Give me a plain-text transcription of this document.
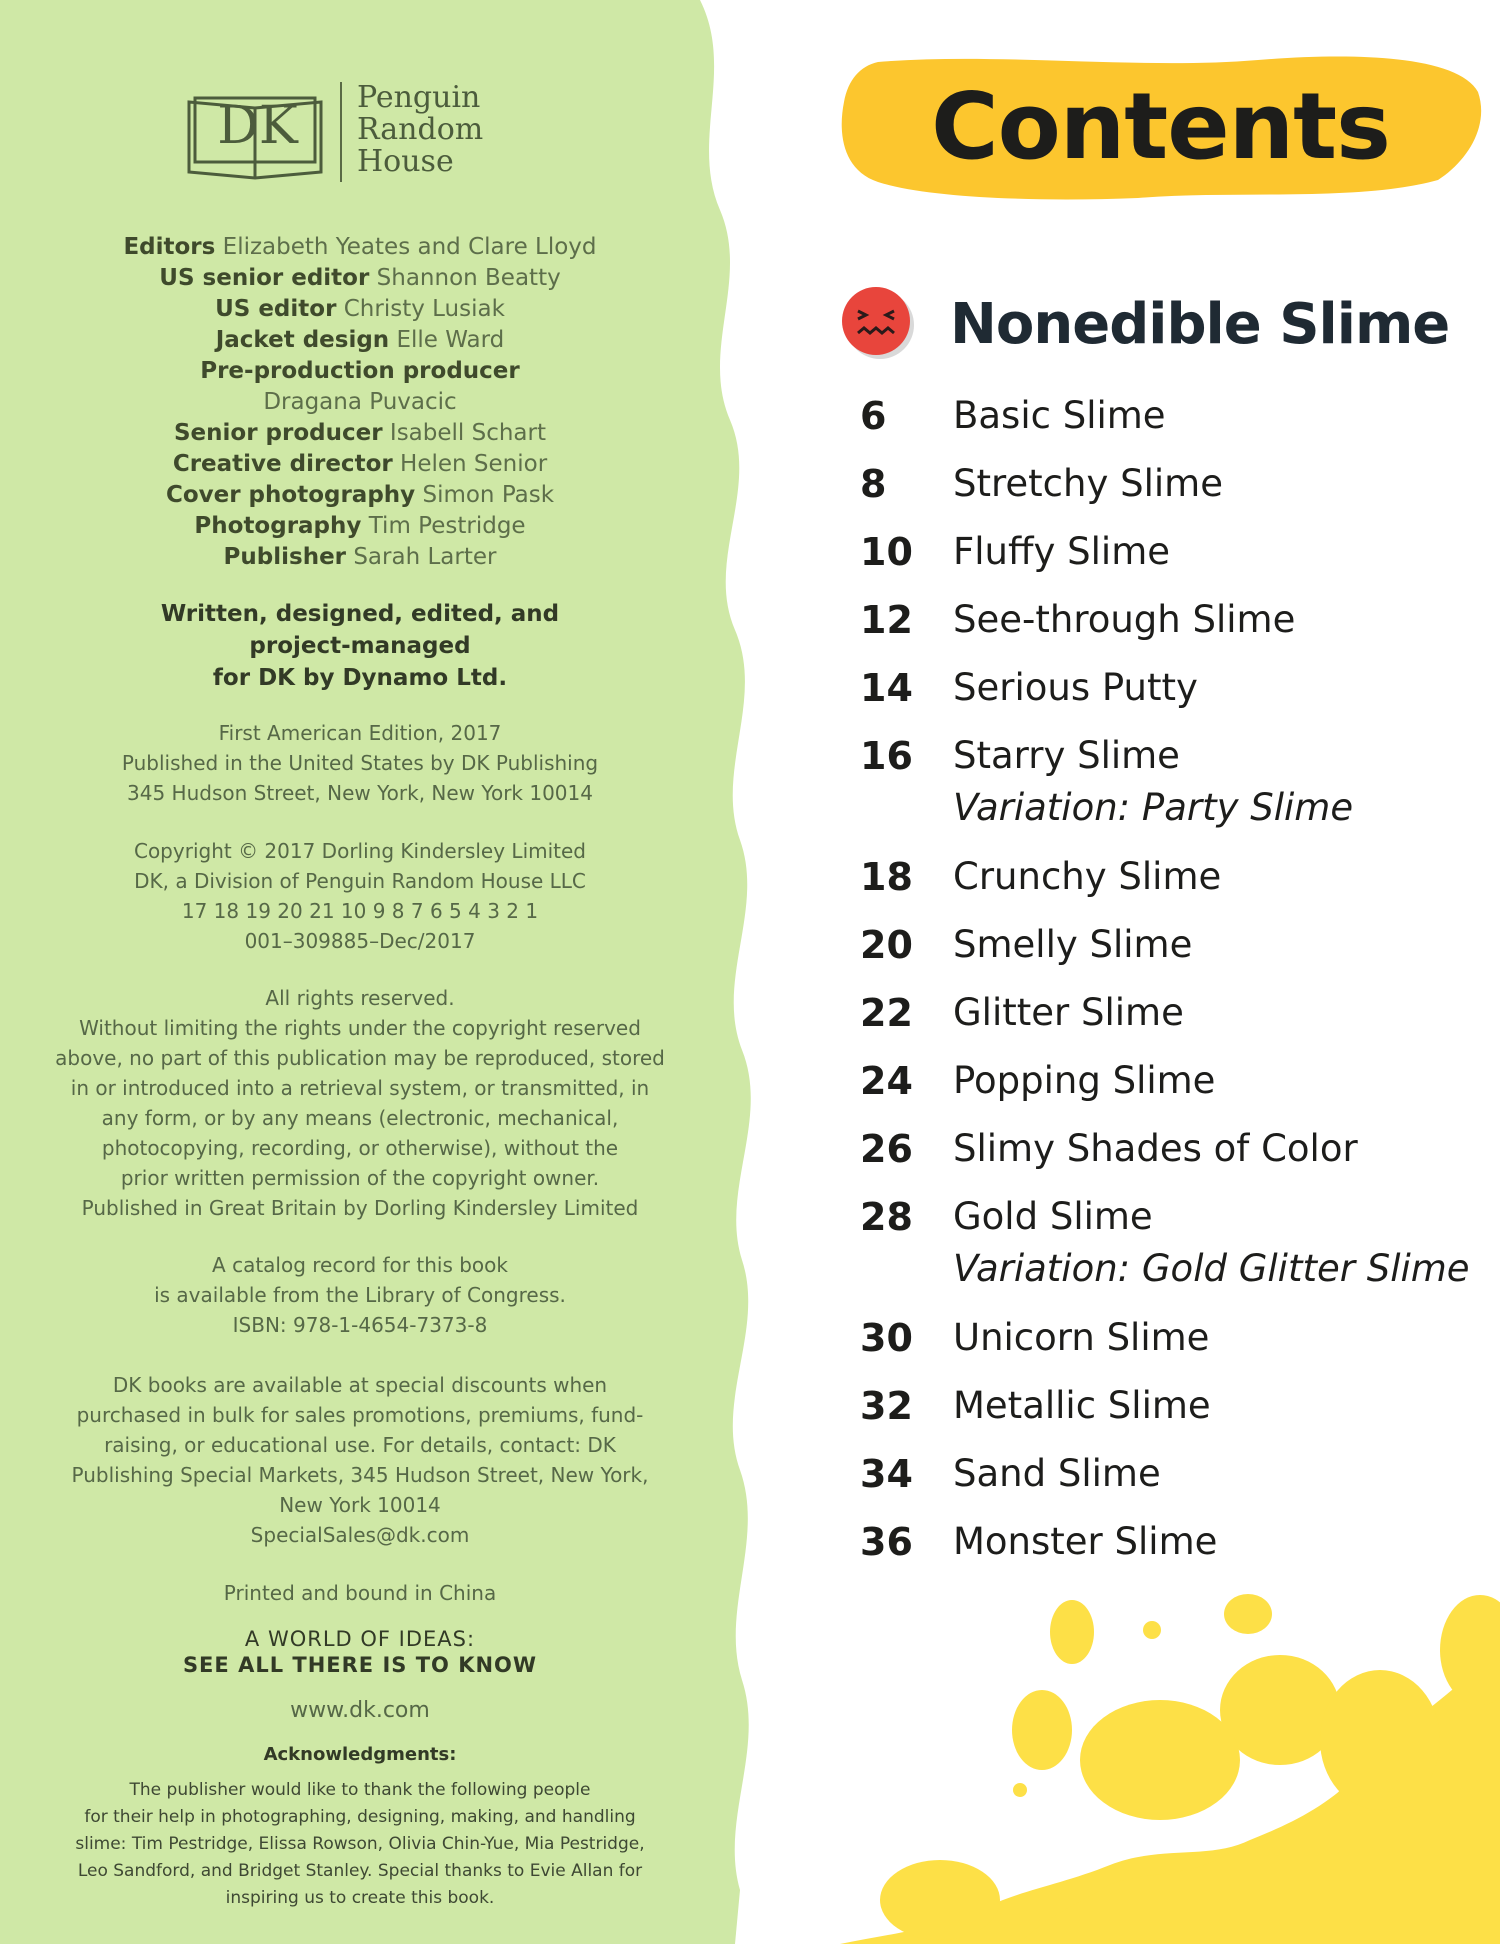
DK	Penguin
Random
House
Editors Elizabeth Yeates and Clare Lloyd
US senior editor Shannon Beatty
US editor Christy Lusiak
Jacket design Elle Ward
Pre-production producer
Dragana Puvacic
Senior producer Isabell Schart
Creative director Helen Senior
Cover photography Simon Pask
Photography Tim Pestridge
Publisher Sarah Larter
Written, designed, edited, and
project-managed
for DK by Dynamo Ltd.
First American Edition, 2017
Published in the United States by DK Publishing
345 Hudson Street, New York, New York 10014
Copyright © 2017 Dorling Kindersley Limited
DK, a Division of Penguin Random House LLC
17 18 19 20 21 10 9 8 7 6 5 4 3 2 1
001–309885–Dec/2017
All rights reserved.
Without limiting the rights under the copyright reserved
above, no part of this publication may be reproduced, stored
in or introduced into a retrieval system, or transmitted, in
any form, or by any means (electronic, mechanical,
photocopying, recording, or otherwise), without the
prior written permission of the copyright owner.
Published in Great Britain by Dorling Kindersley Limited
A catalog record for this book
is available from the Library of Congress.
ISBN: 978-1-4654-7373-8
DK books are available at special discounts when
purchased in bulk for sales promotions, premiums, fund-
raising, or educational use. For details, contact: DK
Publishing Special Markets, 345 Hudson Street, New York,
New York 10014
SpecialSales@dk.com
Printed and bound in China
A WORLD OF IDEAS:
SEE ALL THERE IS TO KNOW
www.dk.com
Acknowledgments:
The publisher would like to thank the following people
for their help in photographing, designing, making, and handling
slime: Tim Pestridge, Elissa Rowson, Olivia Chin-Yue, Mia Pestridge,
Leo Sandford, and Bridget Stanley. Special thanks to Evie Allan for
inspiring us to create this book.
Contents
Nonedible Slime
6	Basic Slime
8	Stretchy Slime
10	Fluffy Slime
12	See-through Slime
14	Serious Putty
16	Starry Slime
Variation: Party Slime
18	Crunchy Slime
20	Smelly Slime
22	Glitter Slime
24	Popping Slime
26	Slimy Shades of Color
28	Gold Slime
Variation: Gold Glitter Slime
30	Unicorn Slime
32	Metallic Slime
34	Sand Slime
36	Monster Slime
